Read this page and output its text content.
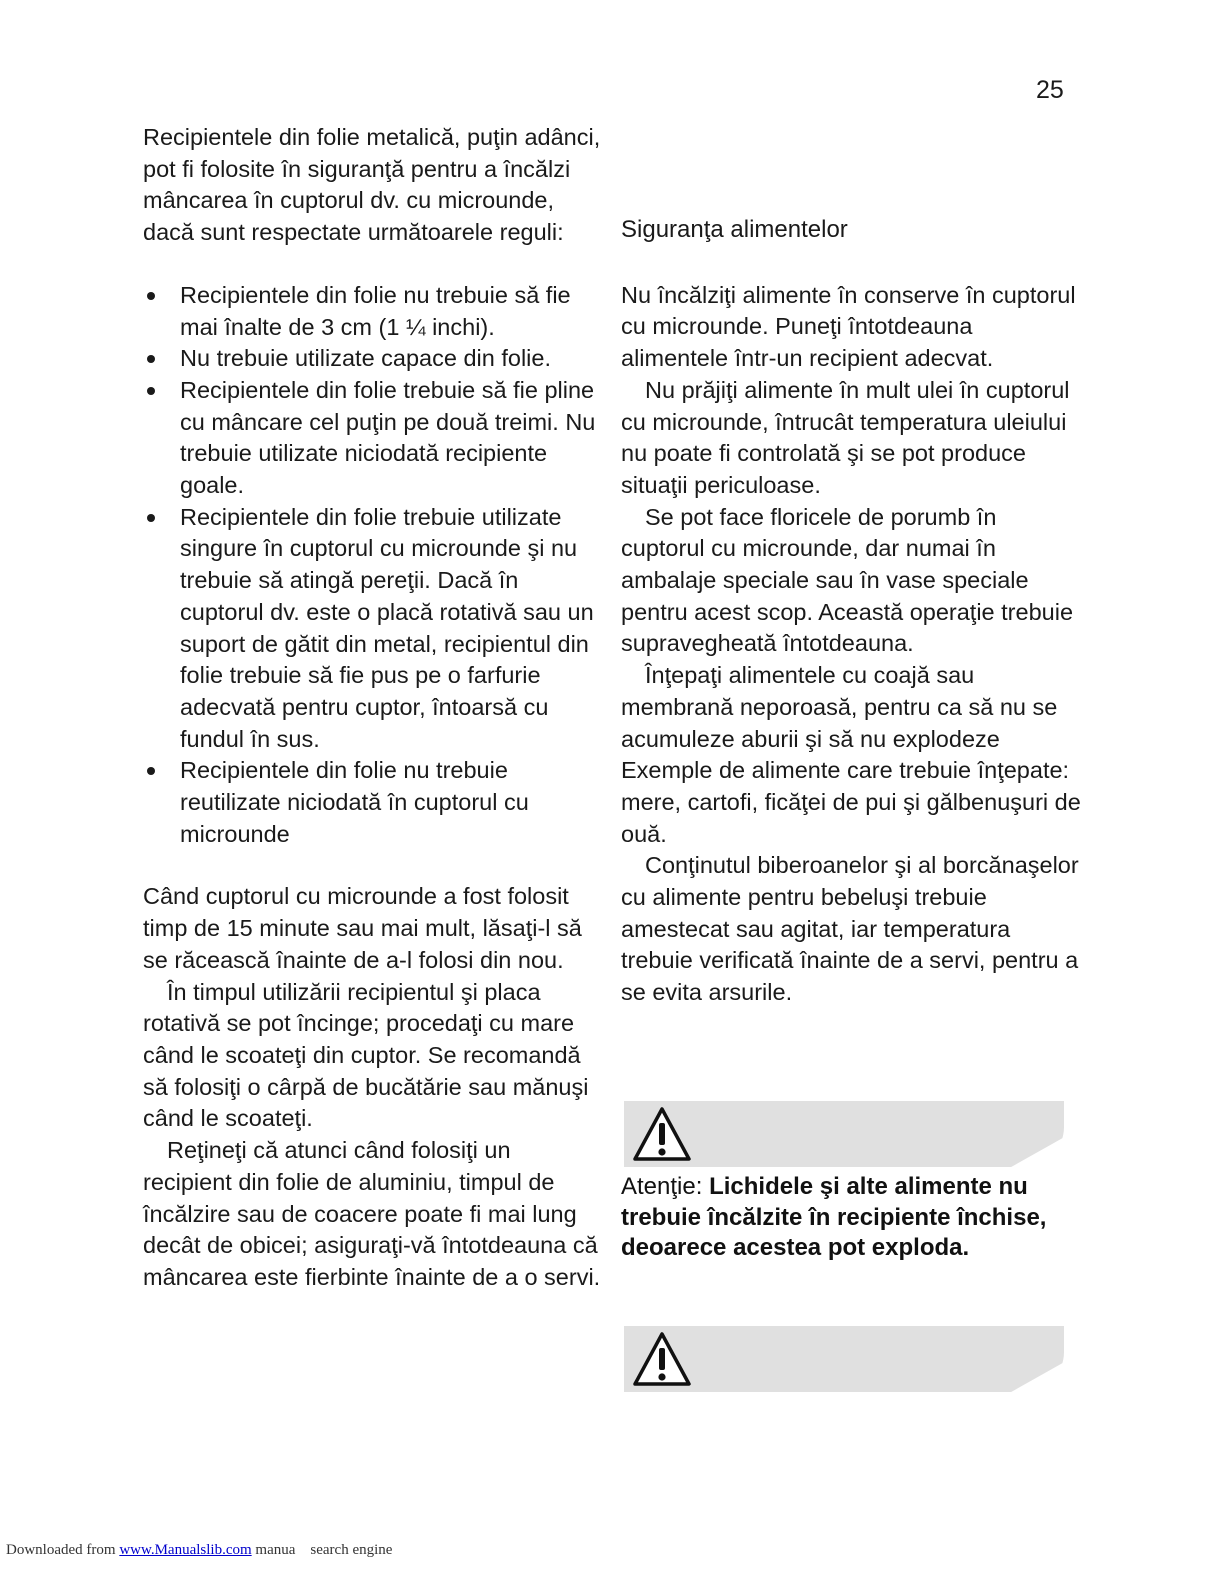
25

Recipientele din folie metalică, puţin adânci, pot fi folosite în siguranţă pentru a încălzi mâncarea în cuptorul dv. cu microunde, dacă sunt respectate următoarele reguli:

Recipientele din folie nu trebuie să fie mai înalte de 3 cm (1 ¼ inchi).
Nu trebuie utilizate capace din folie.
Recipientele din folie trebuie să fie pline cu mâncare cel puţin pe două treimi. Nu trebuie utilizate niciodată recipiente goale.
Recipientele din folie trebuie utilizate singure în cuptorul cu microunde şi nu trebuie să atingă pereţii. Dacă în cuptorul dv. este o placă rotativă sau un suport de gătit din metal, recipientul din folie trebuie să fie pus pe o farfurie adecvată pentru cuptor, întoarsă cu fundul în sus.
Recipientele din folie nu trebuie reutilizate niciodată în cuptorul cu microunde

Când cuptorul cu microunde a fost folosit timp de 15 minute sau mai mult, lăsaţi-l să se răcească înainte de a-l folosi din nou.

În timpul utilizării recipientul şi placa rotativă se pot încinge; procedaţi cu mare când le scoateţi din cuptor. Se recomandă să folosiţi o cârpă de bucătărie sau mănuşi când le scoateţi.

Reţineţi că atunci când folosiţi un recipient din folie de aluminiu, timpul de încălzire sau de coacere poate fi mai lung decât de obicei; asiguraţi-vă întotdeauna că mâncarea este fierbinte înainte de a o servi.

Siguranţa alimentelor

Nu încălziţi alimente în conserve în cuptorul cu microunde. Puneţi întotdeauna alimentele într-un recipient adecvat.

Nu prăjiţi alimente în mult ulei în cuptorul cu microunde, întrucât temperatura uleiului nu poate fi controlată şi se pot produce situaţii periculoase.

Se pot face floricele de porumb în cuptorul cu microunde, dar numai în ambalaje speciale sau în vase speciale pentru acest scop. Această operaţie trebuie supravegheată întotdeauna.

Înţepaţi alimentele cu coajă sau membrană neporoasă, pentru ca să nu se acumuleze aburii şi să nu explodeze Exemple de alimente care trebuie înţepate: mere, cartofi, ficăţei de pui şi gălbenuşuri de ouă.

Conţinutul biberoanelor şi al borcănaşelor cu alimente pentru bebeluşi trebuie amestecat sau agitat, iar temperatura trebuie verificată înainte de a servi, pentru a se evita arsurile.

Atenţie: Lichidele şi alte alimente nu trebuie încălzite în recipiente închise, deoarece acestea pot exploda.
Downloaded from www.Manualslib.com manua    search engine
